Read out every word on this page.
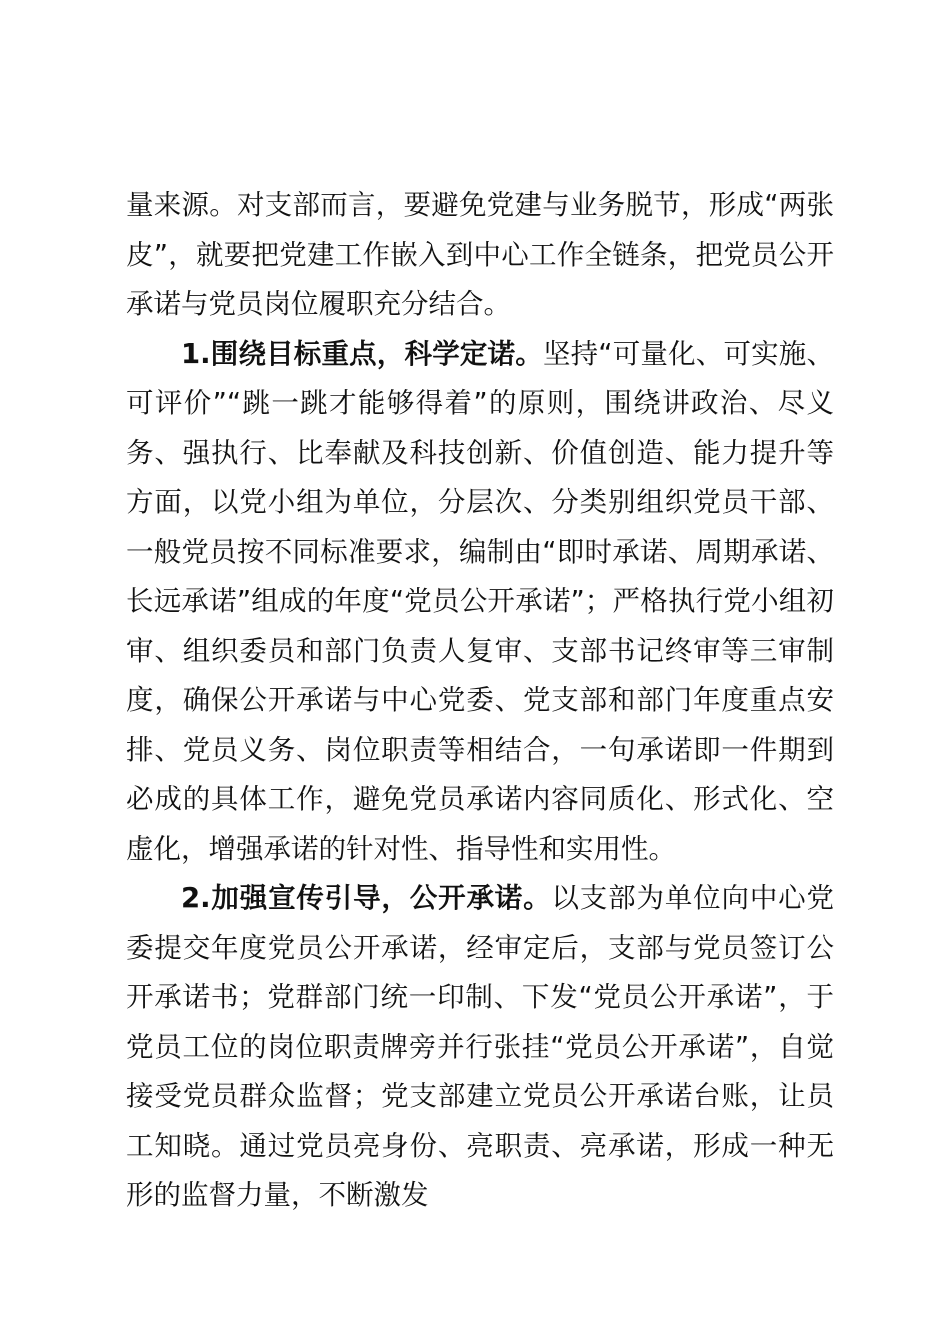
量来源。对支部而言，要避免党建与业务脱节，形成“两张皮”，就要把党建工作嵌入到中心工作全链条，把党员公开承诺与党员岗位履职充分结合。

1.围绕目标重点，科学定诺。坚持“可量化、可实施、可评价”“跳一跳才能够得着”的原则，围绕讲政治、尽义务、强执行、比奉献及科技创新、价值创造、能力提升等方面，以党小组为单位，分层次、分类别组织党员干部、一般党员按不同标准要求，编制由“即时承诺、周期承诺、长远承诺”组成的年度“党员公开承诺”；严格执行党小组初审、组织委员和部门负责人复审、支部书记终审等三审制度，确保公开承诺与中心党委、党支部和部门年度重点安排、党员义务、岗位职责等相结合，一句承诺即一件期到必成的具体工作，避免党员承诺内容同质化、形式化、空虚化，增强承诺的针对性、指导性和实用性。

2.加强宣传引导，公开承诺。以支部为单位向中心党委提交年度党员公开承诺，经审定后，支部与党员签订公开承诺书；党群部门统一印制、下发“党员公开承诺”，于党员工位的岗位职责牌旁并行张挂“党员公开承诺”，自觉接受党员群众监督；党支部建立党员公开承诺台账，让员工知晓。通过党员亮身份、亮职责、亮承诺，形成一种无形的监督力量，不断激发
